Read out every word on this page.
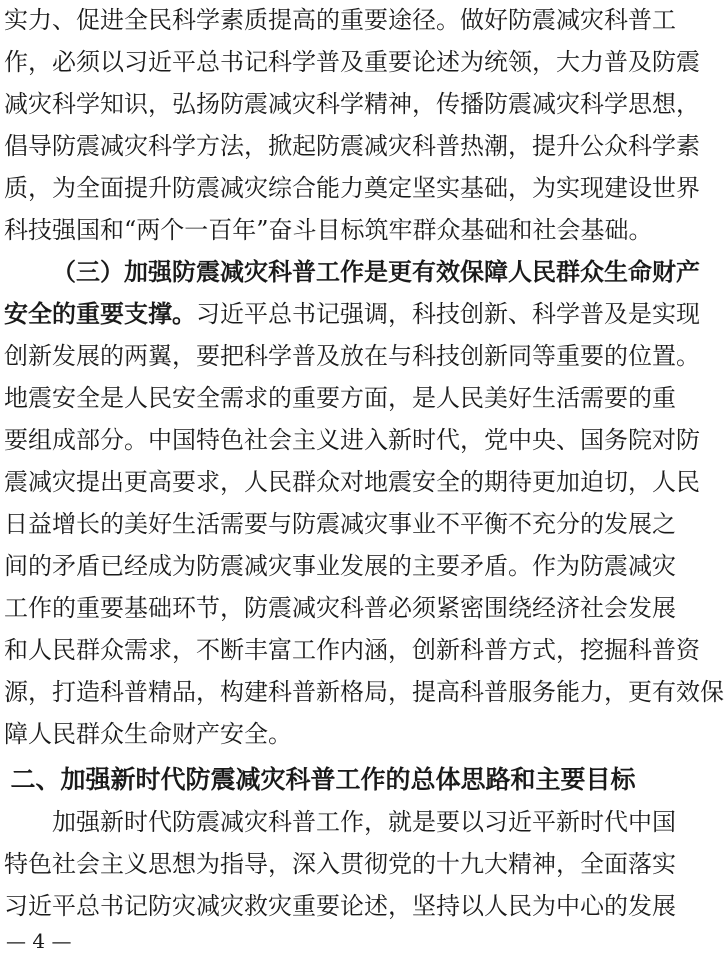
实力、促进全民科学素质提高的重要途径。做好防震减灾科普工
作，必须以习近平总书记科学普及重要论述为统领，大力普及防震
减灾科学知识，弘扬防震减灾科学精神，传播防震减灾科学思想，
倡导防震减灾科学方法，掀起防震减灾科普热潮，提升公众科学素
质，为全面提升防震减灾综合能力奠定坚实基础，为实现建设世界
科技强国和“两个一百年”奋斗目标筑牢群众基础和社会基础。
（三）加强防震减灾科普工作是更有效保障人民群众生命财产
安全的重要支撑。习近平总书记强调，科技创新、科学普及是实现
创新发展的两翼，要把科学普及放在与科技创新同等重要的位置。
地震安全是人民安全需求的重要方面，是人民美好生活需要的重
要组成部分。中国特色社会主义进入新时代，党中央、国务院对防
震减灾提出更高要求，人民群众对地震安全的期待更加迫切，人民
日益增长的美好生活需要与防震减灾事业不平衡不充分的发展之
间的矛盾已经成为防震减灾事业发展的主要矛盾。作为防震减灾
工作的重要基础环节，防震减灾科普必须紧密围绕经济社会发展
和人民群众需求，不断丰富工作内涵，创新科普方式，挖掘科普资
源，打造科普精品，构建科普新格局，提高科普服务能力，更有效保
障人民群众生命财产安全。
二、加强新时代防震减灾科普工作的总体思路和主要目标
加强新时代防震减灾科普工作，就是要以习近平新时代中国
特色社会主义思想为指导，深入贯彻党的十九大精神，全面落实
习近平总书记防灾减灾救灾重要论述，坚持以人民为中心的发展
— 4 —
